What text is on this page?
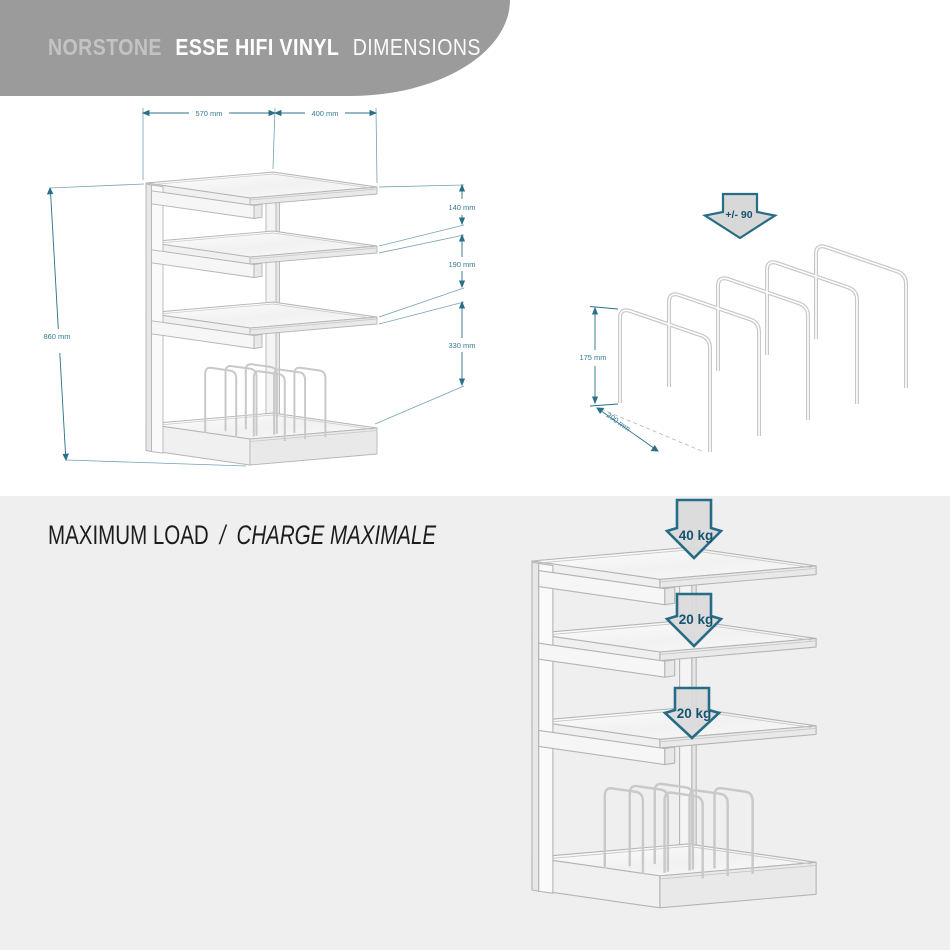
NORSTONE ESSE HIFI VINYL DIMENSIONS
MAXIMUM LOAD / CHARGE MAXIMALE
570 mm	400 mm
140 mm
190 mm
330 mm
860 mm
175 mm
200 mm
+/- 90
40 kg
20 kg
20 kg
